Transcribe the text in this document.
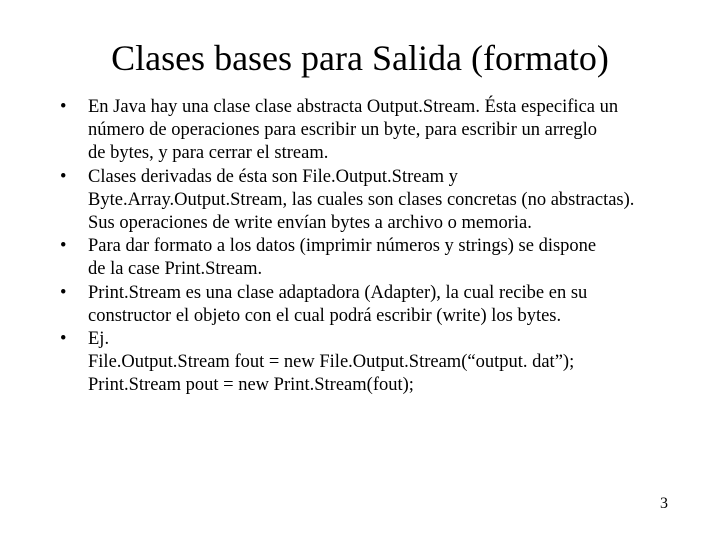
Clases bases para Salida (formato)
•	En Java hay una clase clase abstracta Output.Stream. Ésta especifica un
número de operaciones para escribir un byte, para escribir un arreglo
de bytes, y para cerrar el stream.
•	Clases derivadas de ésta son File.Output.Stream y
Byte.Array.Output.Stream, las cuales son clases concretas (no abstractas).
Sus operaciones de write envían bytes a archivo o memoria.
•	Para dar formato a los datos (imprimir números y strings) se dispone
de la case Print.Stream.
•	Print.Stream es una clase adaptadora (Adapter), la cual recibe en su
constructor el objeto con el cual podrá escribir (write) los bytes.
•	Ej.
File.Output.Stream fout = new File.Output.Stream(“output. dat”);
Print.Stream pout = new Print.Stream(fout);
3
